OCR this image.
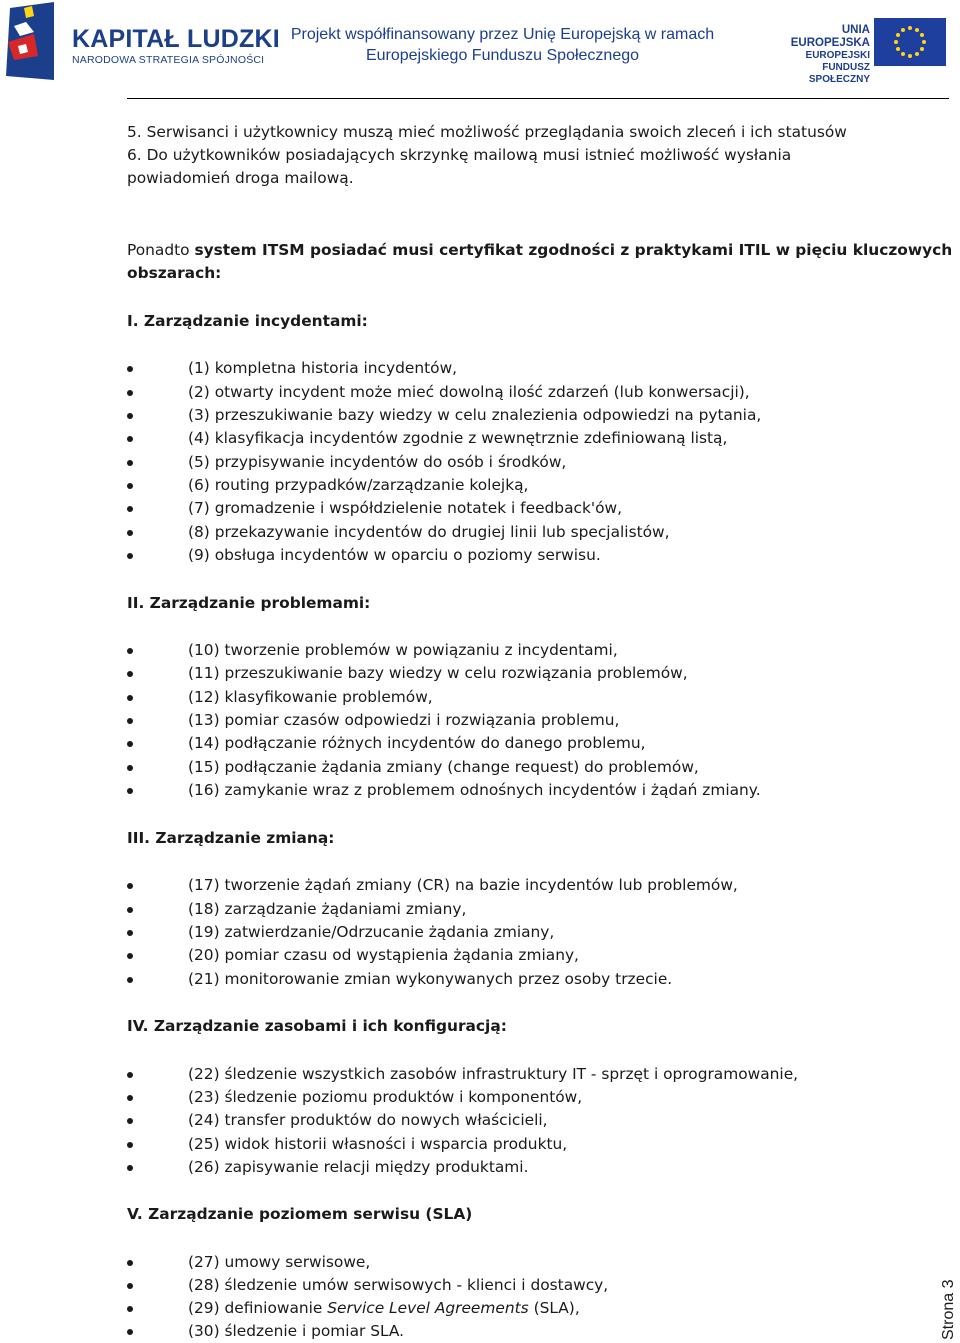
KAPITAŁ LUDZKI
NARODOWA STRATEGIA SPÓJNOŚCI
Projekt współfinansowany przez Unię Europejską w ramach
Europejskiego Funduszu Społecznego
UNIA EUROPEJSKA
EUROPEJSKI
FUNDUSZ SPOŁECZNY
5. Serwisanci i użytkownicy muszą mieć możliwość przeglądania swoich zleceń i ich statusów
6. Do użytkowników posiadających skrzynkę mailową musi istnieć możliwość wysłania
powiadomień droga mailową.
Ponadto system ITSM posiadać musi certyfikat zgodności z praktykami ITIL w pięciu kluczowych
obszarach:
I. Zarządzanie incydentami:
(1) kompletna historia incydentów,
(2) otwarty incydent może mieć dowolną ilość zdarzeń (lub konwersacji),
(3) przeszukiwanie bazy wiedzy w celu znalezienia odpowiedzi na pytania,
(4) klasyfikacja incydentów zgodnie z wewnętrznie zdefiniowaną listą,
(5) przypisywanie incydentów do osób i środków,
(6) routing przypadków/zarządzanie kolejką,
(7) gromadzenie i współdzielenie notatek i feedback'ów,
(8) przekazywanie incydentów do drugiej linii lub specjalistów,
(9) obsługa incydentów w oparciu o poziomy serwisu.
II. Zarządzanie problemami:
(10) tworzenie problemów w powiązaniu z incydentami,
(11) przeszukiwanie bazy wiedzy w celu rozwiązania problemów,
(12) klasyfikowanie problemów,
(13) pomiar czasów odpowiedzi i rozwiązania problemu,
(14) podłączanie różnych incydentów do danego problemu,
(15) podłączanie żądania zmiany (change request) do problemów,
(16) zamykanie wraz z problemem odnośnych incydentów i żądań zmiany.
III. Zarządzanie zmianą:
(17) tworzenie żądań zmiany (CR) na bazie incydentów lub problemów,
(18) zarządzanie żądaniami zmiany,
(19) zatwierdzanie/Odrzucanie żądania zmiany,
(20) pomiar czasu od wystąpienia żądania zmiany,
(21) monitorowanie zmian wykonywanych przez osoby trzecie.
IV. Zarządzanie zasobami i ich konfiguracją:
(22) śledzenie wszystkich zasobów infrastruktury IT - sprzęt i oprogramowanie,
(23) śledzenie poziomu produktów i komponentów,
(24) transfer produktów do nowych właścicieli,
(25) widok historii własności i wsparcia produktu,
(26) zapisywanie relacji między produktami.
V. Zarządzanie poziomem serwisu (SLA)
(27) umowy serwisowe,
(28) śledzenie umów serwisowych - klienci i dostawcy,
(29) definiowanie Service Level Agreements (SLA),
(30) śledzenie i pomiar SLA.	Strona 3
